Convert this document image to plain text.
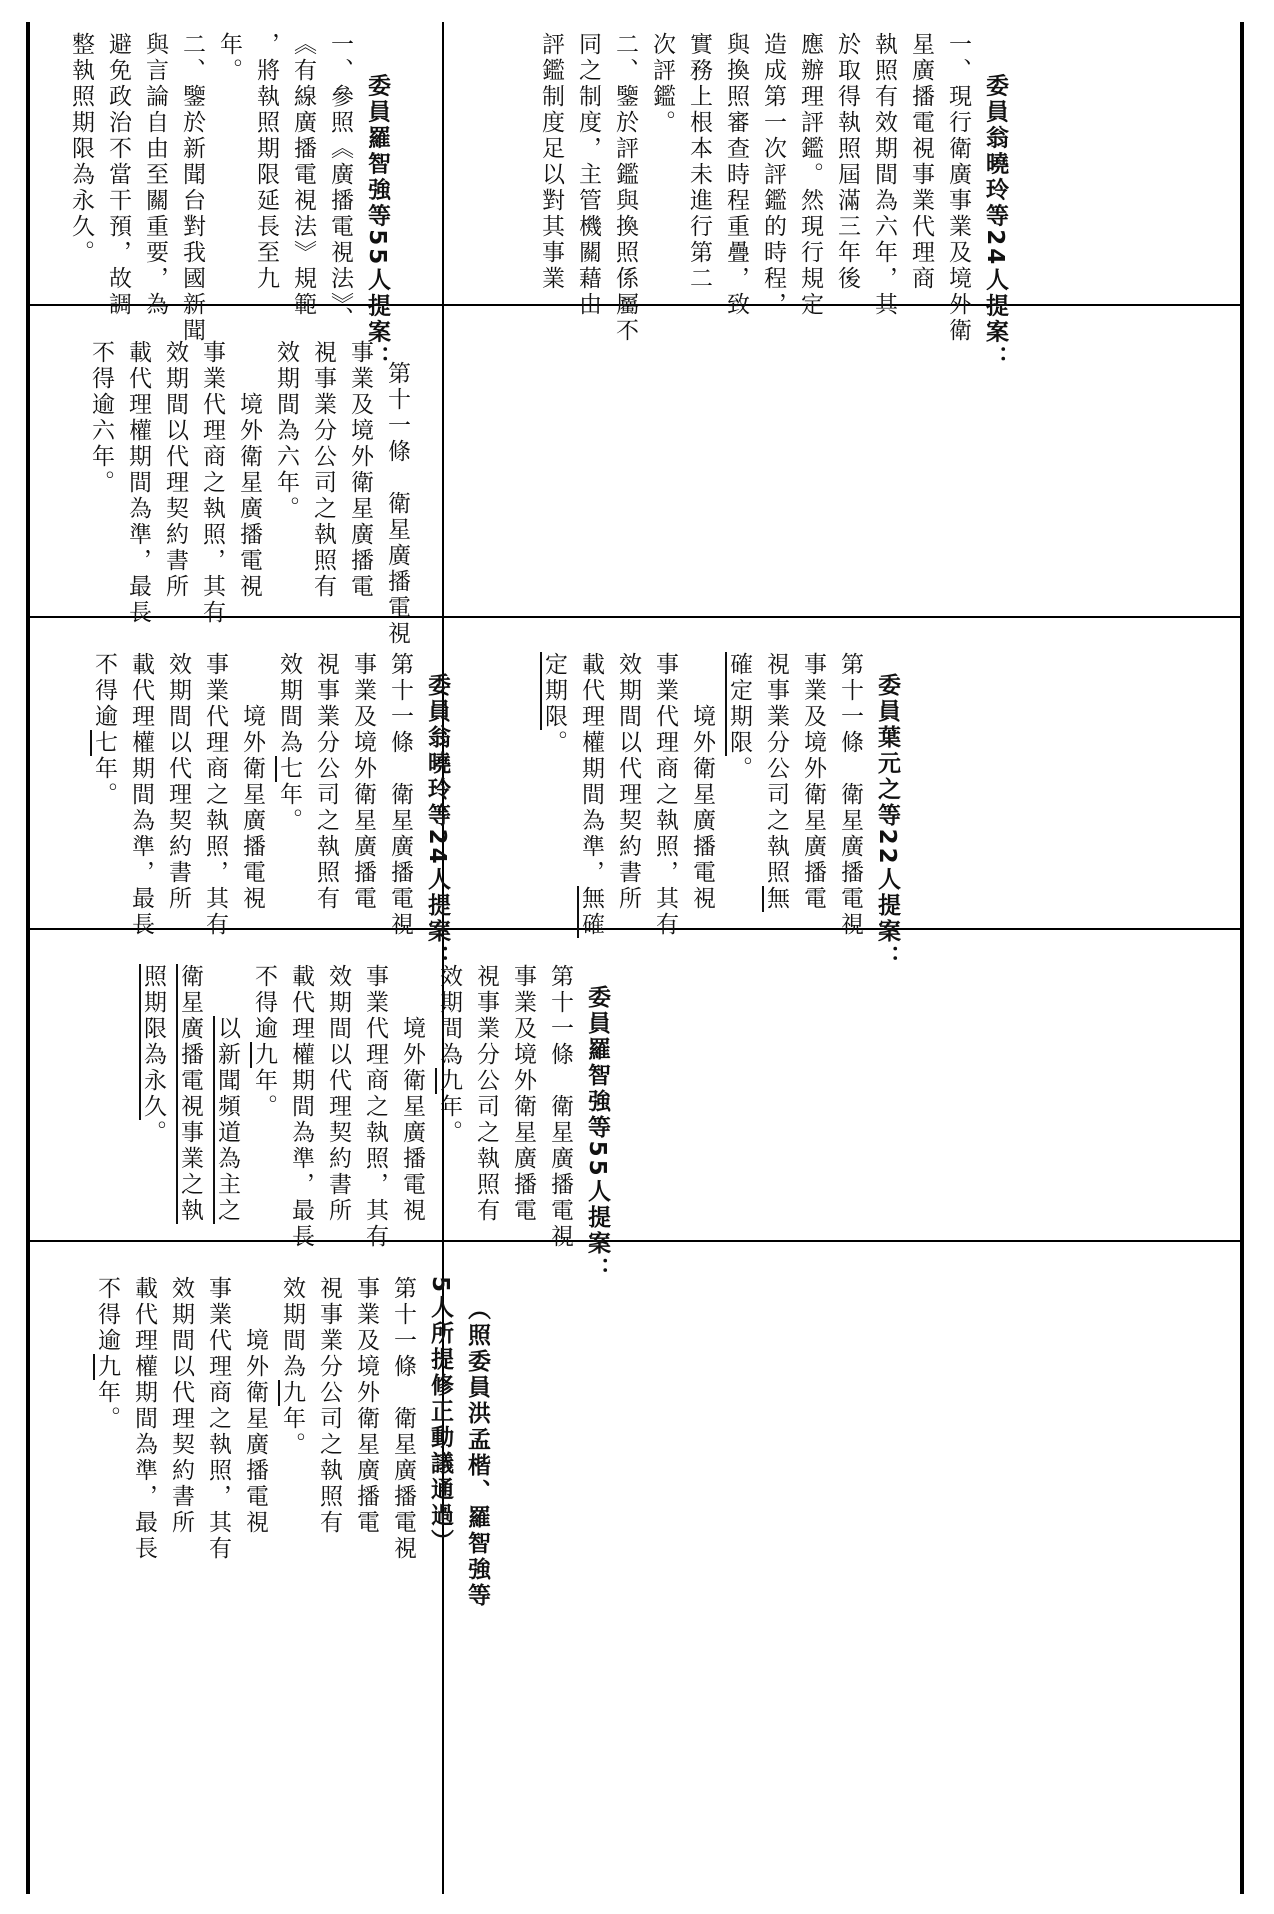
委員羅智強等55人提案：
一、參照《廣播電視法》、
《有線廣播電視法》規範
，將執照期限延長至九
年。
二、鑒於新聞台對我國新聞
與言論自由至關重要，為
避免政治不當干預，故調
整執照期限為永久。
	委員翁曉玲等24人提案：
一、現行衛廣事業及境外衛
星廣播電視事業代理商
執照有效期間為六年，其
於取得執照屆滿三年後
應辦理評鑑。然現行規定
造成第一次評鑑的時程，
與換照審查時程重疊，致
實務上根本未進行第二
次評鑑。
二、鑒於評鑑與換照係屬不
同之制度，主管機關藉由
評鑑制度足以對其事業

第十一條　衛星廣播電視
事業及境外衛星廣播電
視事業分公司之執照有
效期間為六年。
　　境外衛星廣播電視
事業代理商之執照，其有
效期間以代理契約書所
載代理權期間為準，最長
不得逾六年。

委員翁曉玲等24人提案：
第十一條　衛星廣播電視
事業及境外衛星廣播電
視事業分公司之執照有
效期間為七年。
　　境外衛星廣播電視
事業代理商之執照，其有
效期間以代理契約書所
載代理權期間為準，最長
不得逾七年。	委員葉元之等22人提案：
第十一條　衛星廣播電視
事業及境外衛星廣播電
視事業分公司之執照無
確定期限。
　　境外衛星廣播電視
事業代理商之執照，其有
效期間以代理契約書所
載代理權期間為準，無確
定期限。

委員羅智強等55人提案：
第十一條　衛星廣播電視
事業及境外衛星廣播電
視事業分公司之執照有
效期間為九年。
　　境外衛星廣播電視
事業代理商之執照，其有
效期間以代理契約書所
載代理權期間為準，最長
不得逾九年。
　　以新聞頻道為主之
衛星廣播電視事業之執
照期限為永久。

（照委員洪孟楷、羅智強等
5人所提修正動議通過）
第十一條　衛星廣播電視
事業及境外衛星廣播電
視事業分公司之執照有
效期間為九年。
　　境外衛星廣播電視
事業代理商之執照，其有
效期間以代理契約書所
載代理權期間為準，最長
不得逾九年。
